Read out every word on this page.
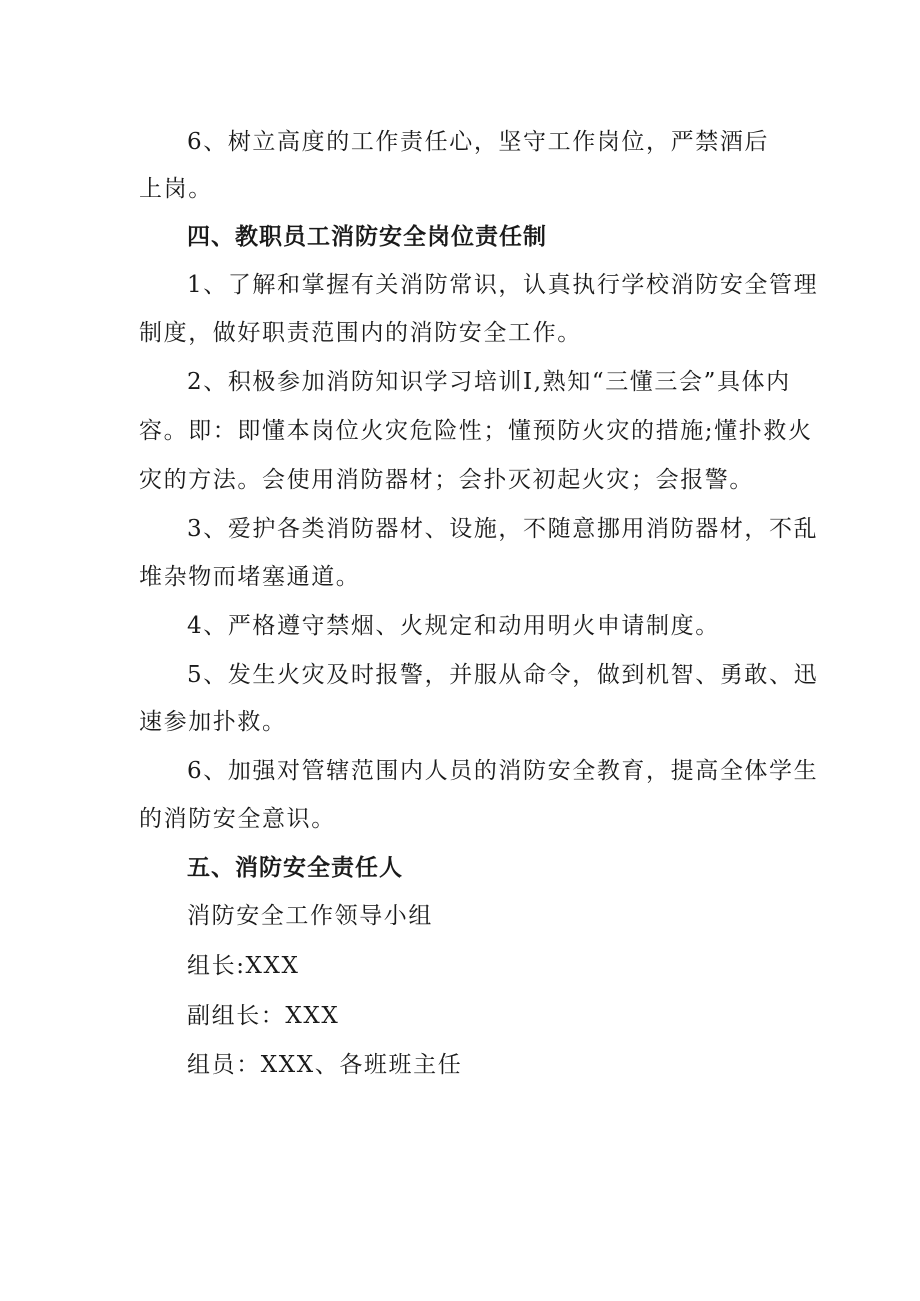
6、树立高度的工作责任心，坚守工作岗位，严禁酒后
上岗。
四、教职员工消防安全岗位责任制
1、了解和掌握有关消防常识，认真执行学校消防安全管理
制度，做好职责范围内的消防安全工作。
2、积极参加消防知识学习培训I,熟知“三懂三会”具体内
容。即：即懂本岗位火灾危险性；懂预防火灾的措施;懂扑救火
灾的方法。会使用消防器材；会扑灭初起火灾；会报警。
3、爱护各类消防器材、设施，不随意挪用消防器材，不乱
堆杂物而堵塞通道。
4、严格遵守禁烟、火规定和动用明火申请制度。
5、发生火灾及时报警，并服从命令，做到机智、勇敢、迅
速参加扑救。
6、加强对管辖范围内人员的消防安全教育，提高全体学生
的消防安全意识。
五、消防安全责任人
消防安全工作领导小组
组长:XXX
副组长：XXX
组员：XXX、各班班主任
